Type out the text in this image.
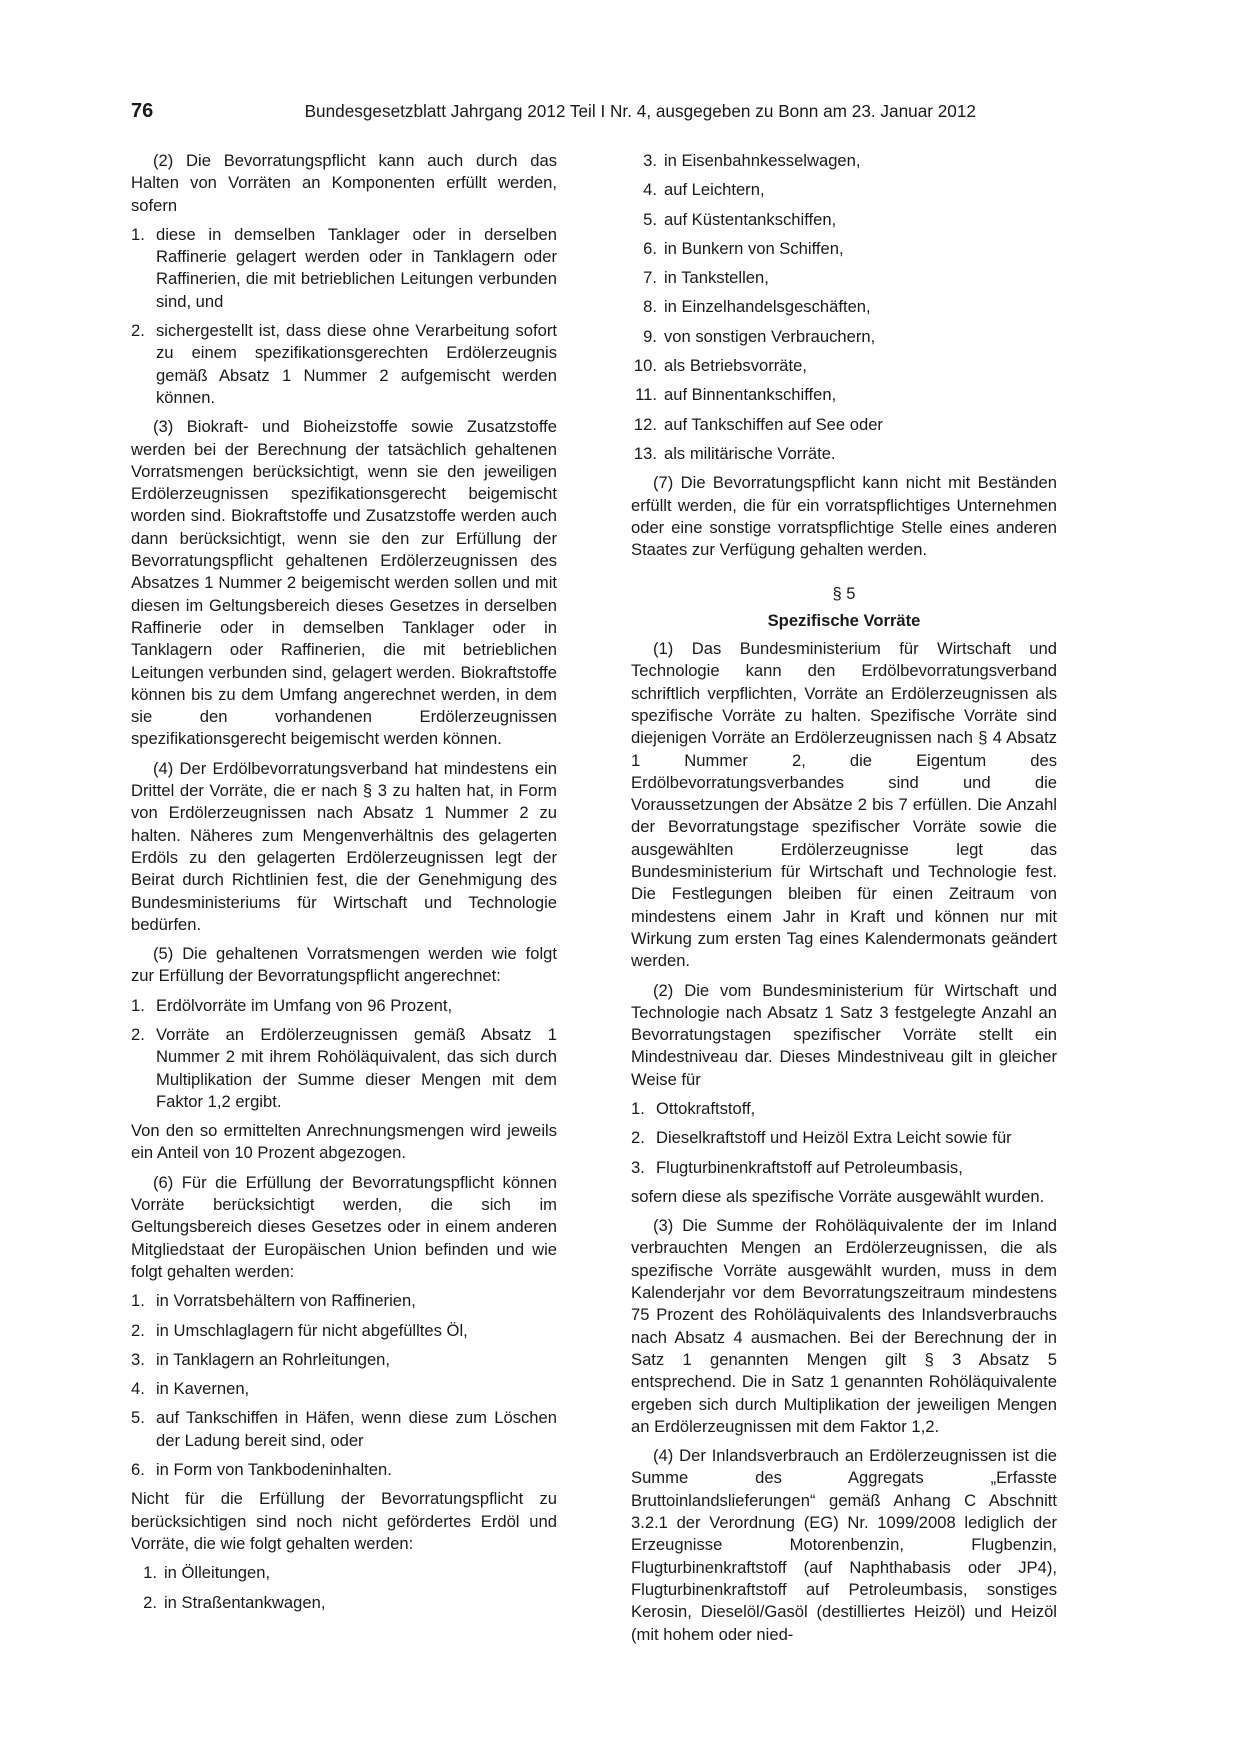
76	Bundesgesetzblatt Jahrgang 2012 Teil I Nr. 4, ausgegeben zu Bonn am 23. Januar 2012

(2) Die Bevorratungspflicht kann auch durch das Halten von Vorräten an Komponenten erfüllt werden, sofern

1. diese in demselben Tanklager oder in derselben Raffinerie gelagert werden oder in Tanklagern oder Raffinerien, die mit betrieblichen Leitungen verbunden sind, und
2. sichergestellt ist, dass diese ohne Verarbeitung sofort zu einem spezifikationsgerechten Erdölerzeugnis gemäß Absatz 1 Nummer 2 aufgemischt werden können.

(3) Biokraft- und Bioheizstoffe sowie Zusatzstoffe werden bei der Berechnung der tatsächlich gehaltenen Vorratsmengen berücksichtigt, wenn sie den jeweiligen Erdölerzeugnissen spezifikationsgerecht beigemischt worden sind. Biokraftstoffe und Zusatzstoffe werden auch dann berücksichtigt, wenn sie den zur Erfüllung der Bevorratungspflicht gehaltenen Erdölerzeugnissen des Absatzes 1 Nummer 2 beigemischt werden sollen und mit diesen im Geltungsbereich dieses Gesetzes in derselben Raffinerie oder in demselben Tanklager oder in Tanklagern oder Raffinerien, die mit betrieblichen Leitungen verbunden sind, gelagert werden. Biokraftstoffe können bis zu dem Umfang angerechnet werden, in dem sie den vorhandenen Erdölerzeugnissen spezifikationsgerecht beigemischt werden können.

(4) Der Erdölbevorratungsverband hat mindestens ein Drittel der Vorräte, die er nach § 3 zu halten hat, in Form von Erdölerzeugnissen nach Absatz 1 Nummer 2 zu halten. Näheres zum Mengenverhältnis des gelagerten Erdöls zu den gelagerten Erdölerzeugnissen legt der Beirat durch Richtlinien fest, die der Genehmigung des Bundesministeriums für Wirtschaft und Technologie bedürfen.

(5) Die gehaltenen Vorratsmengen werden wie folgt zur Erfüllung der Bevorratungspflicht angerechnet:

1. Erdölvorräte im Umfang von 96 Prozent,
2. Vorräte an Erdölerzeugnissen gemäß Absatz 1 Nummer 2 mit ihrem Rohöläquivalent, das sich durch Multiplikation der Summe dieser Mengen mit dem Faktor 1,2 ergibt.

Von den so ermittelten Anrechnungsmengen wird jeweils ein Anteil von 10 Prozent abgezogen.

(6) Für die Erfüllung der Bevorratungspflicht können Vorräte berücksichtigt werden, die sich im Geltungsbereich dieses Gesetzes oder in einem anderen Mitgliedstaat der Europäischen Union befinden und wie folgt gehalten werden:

1. in Vorratsbehältern von Raffinerien,
2. in Umschlaglagern für nicht abgefülltes Öl,
3. in Tanklagern an Rohrleitungen,
4. in Kavernen,
5. auf Tankschiffen in Häfen, wenn diese zum Löschen der Ladung bereit sind, oder
6. in Form von Tankbodeninhalten.

Nicht für die Erfüllung der Bevorratungspflicht zu berücksichtigen sind noch nicht gefördertes Erdöl und Vorräte, die wie folgt gehalten werden:

1. in Ölleitungen,
2. in Straßentankwagen,
3. in Eisenbahnkesselwagen,
4. auf Leichtern,
5. auf Küstentankschiffen,
6. in Bunkern von Schiffen,
7. in Tankstellen,
8. in Einzelhandelsgeschäften,
9. von sonstigen Verbrauchern,
10. als Betriebsvorräte,
11. auf Binnentankschiffen,
12. auf Tankschiffen auf See oder
13. als militärische Vorräte.

(7) Die Bevorratungspflicht kann nicht mit Beständen erfüllt werden, die für ein vorratspflichtiges Unternehmen oder eine sonstige vorratspflichtige Stelle eines anderen Staates zur Verfügung gehalten werden.

§ 5
Spezifische Vorräte

(1) Das Bundesministerium für Wirtschaft und Technologie kann den Erdölbevorratungsverband schriftlich verpflichten, Vorräte an Erdölerzeugnissen als spezifische Vorräte zu halten. Spezifische Vorräte sind diejenigen Vorräte an Erdölerzeugnissen nach § 4 Absatz 1 Nummer 2, die Eigentum des Erdölbevorratungsverbandes sind und die Voraussetzungen der Absätze 2 bis 7 erfüllen. Die Anzahl der Bevorratungstage spezifischer Vorräte sowie die ausgewählten Erdölerzeugnisse legt das Bundesministerium für Wirtschaft und Technologie fest. Die Festlegungen bleiben für einen Zeitraum von mindestens einem Jahr in Kraft und können nur mit Wirkung zum ersten Tag eines Kalendermonats geändert werden.

(2) Die vom Bundesministerium für Wirtschaft und Technologie nach Absatz 1 Satz 3 festgelegte Anzahl an Bevorratungstagen spezifischer Vorräte stellt ein Mindestniveau dar. Dieses Mindestniveau gilt in gleicher Weise für

1. Ottokraftstoff,
2. Dieselkraftstoff und Heizöl Extra Leicht sowie für
3. Flugturbinenkraftstoff auf Petroleumbasis,

sofern diese als spezifische Vorräte ausgewählt wurden.

(3) Die Summe der Rohöläquivalente der im Inland verbrauchten Mengen an Erdölerzeugnissen, die als spezifische Vorräte ausgewählt wurden, muss in dem Kalenderjahr vor dem Bevorratungszeitraum mindestens 75 Prozent des Rohöläquivalents des Inlandsverbrauchs nach Absatz 4 ausmachen. Bei der Berechnung der in Satz 1 genannten Mengen gilt § 3 Absatz 5 entsprechend. Die in Satz 1 genannten Rohöläquivalente ergeben sich durch Multiplikation der jeweiligen Mengen an Erdölerzeugnissen mit dem Faktor 1,2.

(4) Der Inlandsverbrauch an Erdölerzeugnissen ist die Summe des Aggregats „Erfasste Bruttoinlandslieferungen“ gemäß Anhang C Abschnitt 3.2.1 der Verordnung (EG) Nr. 1099/2008 lediglich der Erzeugnisse Motorenbenzin, Flugbenzin, Flugturbinenkraftstoff (auf Naphthabasis oder JP4), Flugturbinenkraftstoff auf Petroleumbasis, sonstiges Kerosin, Dieselöl/Gasöl (destilliertes Heizöl) und Heizöl (mit hohem oder nied-
